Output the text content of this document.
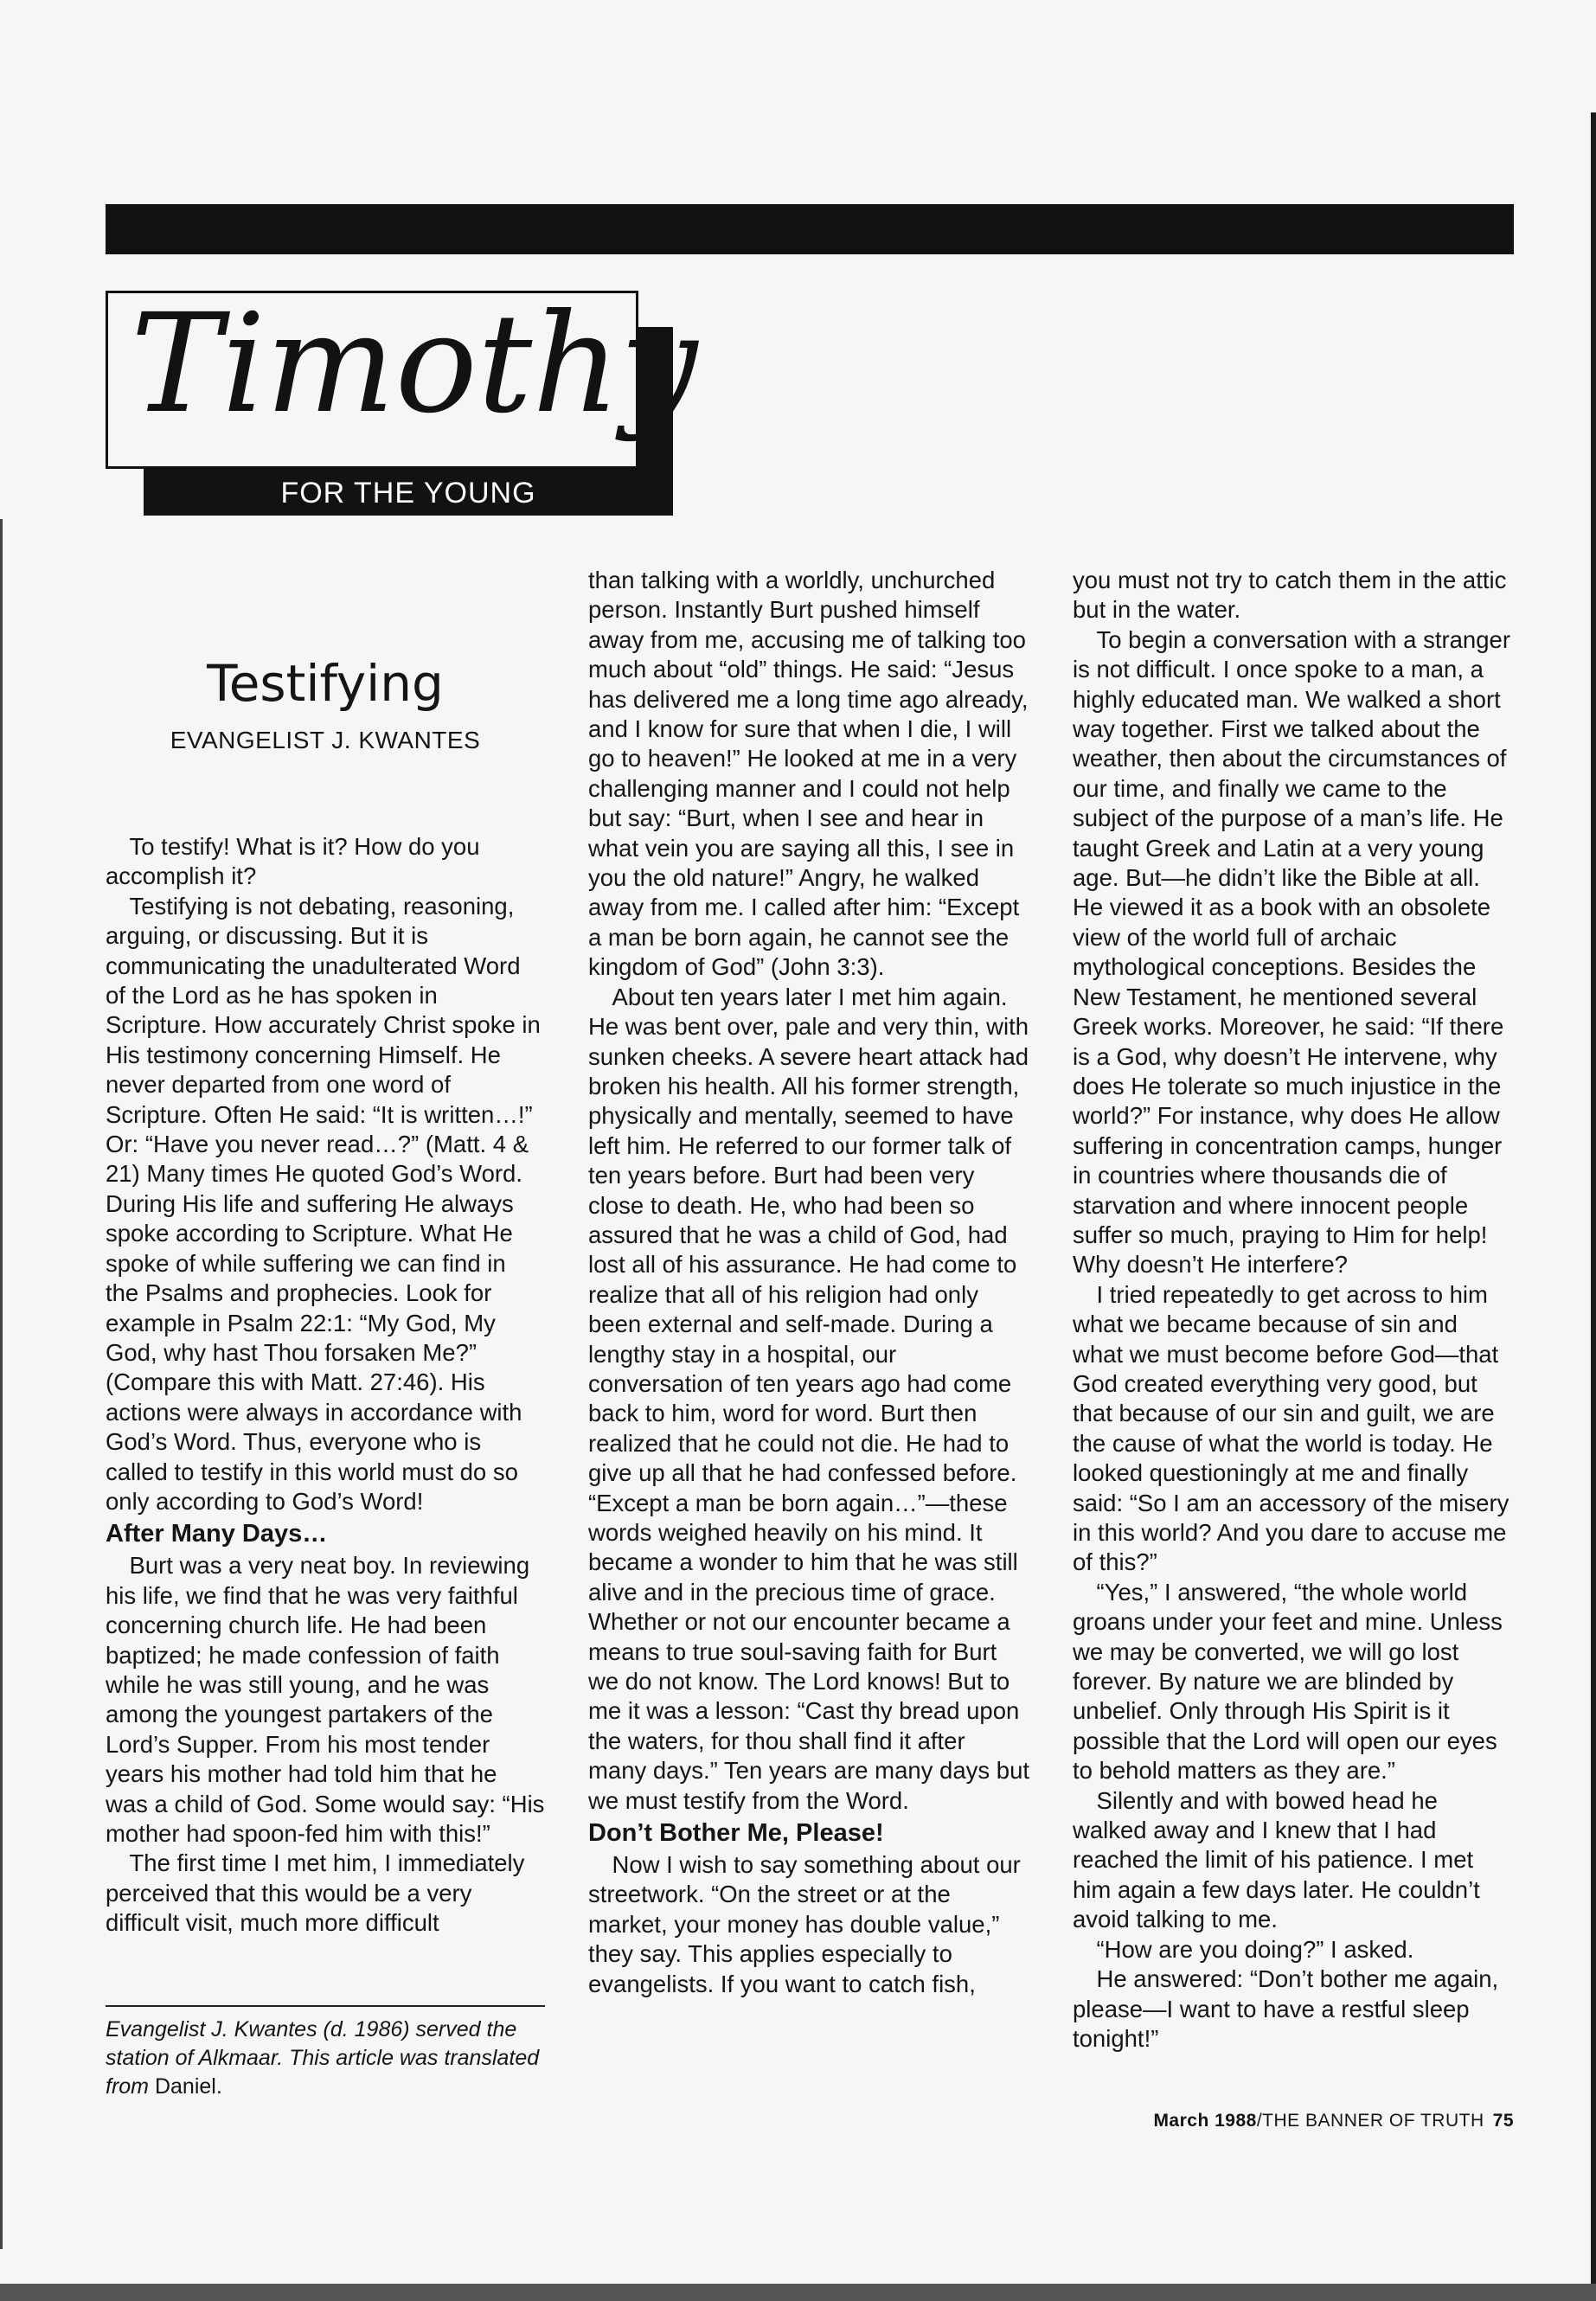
Timothy
FOR THE YOUNG
Testifying
EVANGELIST J. KWANTES

To testify! What is it? How do you accomplish it?

Testifying is not debating, reasoning, arguing, or discussing. But it is communicating the unadulterated Word of the Lord as he has spoken in Scripture. How accurately Christ spoke in His testimony concerning Himself. He never departed from one word of Scripture. Often He said: “It is written…!” Or: “Have you never read…?” (Matt. 4 & 21) Many times He quoted God’s Word. During His life and suffering He always spoke according to Scripture. What He spoke of while suffering we can find in the Psalms and prophecies. Look for example in Psalm 22:1: “My God, My God, why hast Thou forsaken Me?” (Compare this with Matt. 27:46). His actions were always in accordance with God’s Word. Thus, everyone who is called to testify in this world must do so only according to God’s Word!

After Many Days…

Burt was a very neat boy. In reviewing his life, we find that he was very faithful concerning church life. He had been baptized; he made confession of faith while he was still young, and he was among the youngest partakers of the Lord’s Supper. From his most tender years his mother had told him that he was a child of God. Some would say: “His mother had spoon-fed him with this!”

The first time I met him, I immediately perceived that this would be a very difficult visit, much more difficult

than talking with a worldly, unchurched person. Instantly Burt pushed himself away from me, accusing me of talking too much about “old” things. He said: “Jesus has delivered me a long time ago already, and I know for sure that when I die, I will go to heaven!” He looked at me in a very challenging manner and I could not help but say: “Burt, when I see and hear in what vein you are saying all this, I see in you the old nature!” Angry, he walked away from me. I called after him: “Except a man be born again, he cannot see the kingdom of God” (John 3:3).

About ten years later I met him again. He was bent over, pale and very thin, with sunken cheeks. A severe heart attack had broken his health. All his former strength, physically and mentally, seemed to have left him. He referred to our former talk of ten years before. Burt had been very close to death. He, who had been so assured that he was a child of God, had lost all of his assurance. He had come to realize that all of his religion had only been external and self-made. During a lengthy stay in a hospital, our conversation of ten years ago had come back to him, word for word. Burt then realized that he could not die. He had to give up all that he had confessed before. “Except a man be born again…”—these words weighed heavily on his mind. It became a wonder to him that he was still alive and in the precious time of grace. Whether or not our encounter became a means to true soul-saving faith for Burt we do not know. The Lord knows! But to me it was a lesson: “Cast thy bread upon the waters, for thou shall find it after many days.” Ten years are many days but we must testify from the Word.

Don’t Bother Me, Please!

Now I wish to say something about our streetwork. “On the street or at the market, your money has double value,” they say. This applies especially to evangelists. If you want to catch fish,

you must not try to catch them in the attic but in the water.

To begin a conversation with a stranger is not difficult. I once spoke to a man, a highly educated man. We walked a short way together. First we talked about the weather, then about the circumstances of our time, and finally we came to the subject of the purpose of a man’s life. He taught Greek and Latin at a very young age. But—he didn’t like the Bible at all. He viewed it as a book with an obsolete view of the world full of archaic mythological conceptions. Besides the New Testament, he mentioned several Greek works. Moreover, he said: “If there is a God, why doesn’t He intervene, why does He tolerate so much injustice in the world?” For instance, why does He allow suffering in concentration camps, hunger in countries where thousands die of starvation and where innocent people suffer so much, praying to Him for help! Why doesn’t He interfere?

I tried repeatedly to get across to him what we became because of sin and what we must become before God—that God created everything very good, but that because of our sin and guilt, we are the cause of what the world is today. He looked questioningly at me and finally said: “So I am an accessory of the misery in this world? And you dare to accuse me of this?”

“Yes,” I answered, “the whole world groans under your feet and mine. Unless we may be converted, we will go lost forever. By nature we are blinded by unbelief. Only through His Spirit is it possible that the Lord will open our eyes to behold matters as they are.”

Silently and with bowed head he walked away and I knew that I had reached the limit of his patience. I met him again a few days later. He couldn’t avoid talking to me.

“How are you doing?” I asked.

He answered: “Don’t bother me again, please—I want to have a restful sleep tonight!”

Evangelist J. Kwantes (d. 1986) served the station of Alkmaar. This article was translated from Daniel.
March 1988/THE BANNER OF TRUTH 75
